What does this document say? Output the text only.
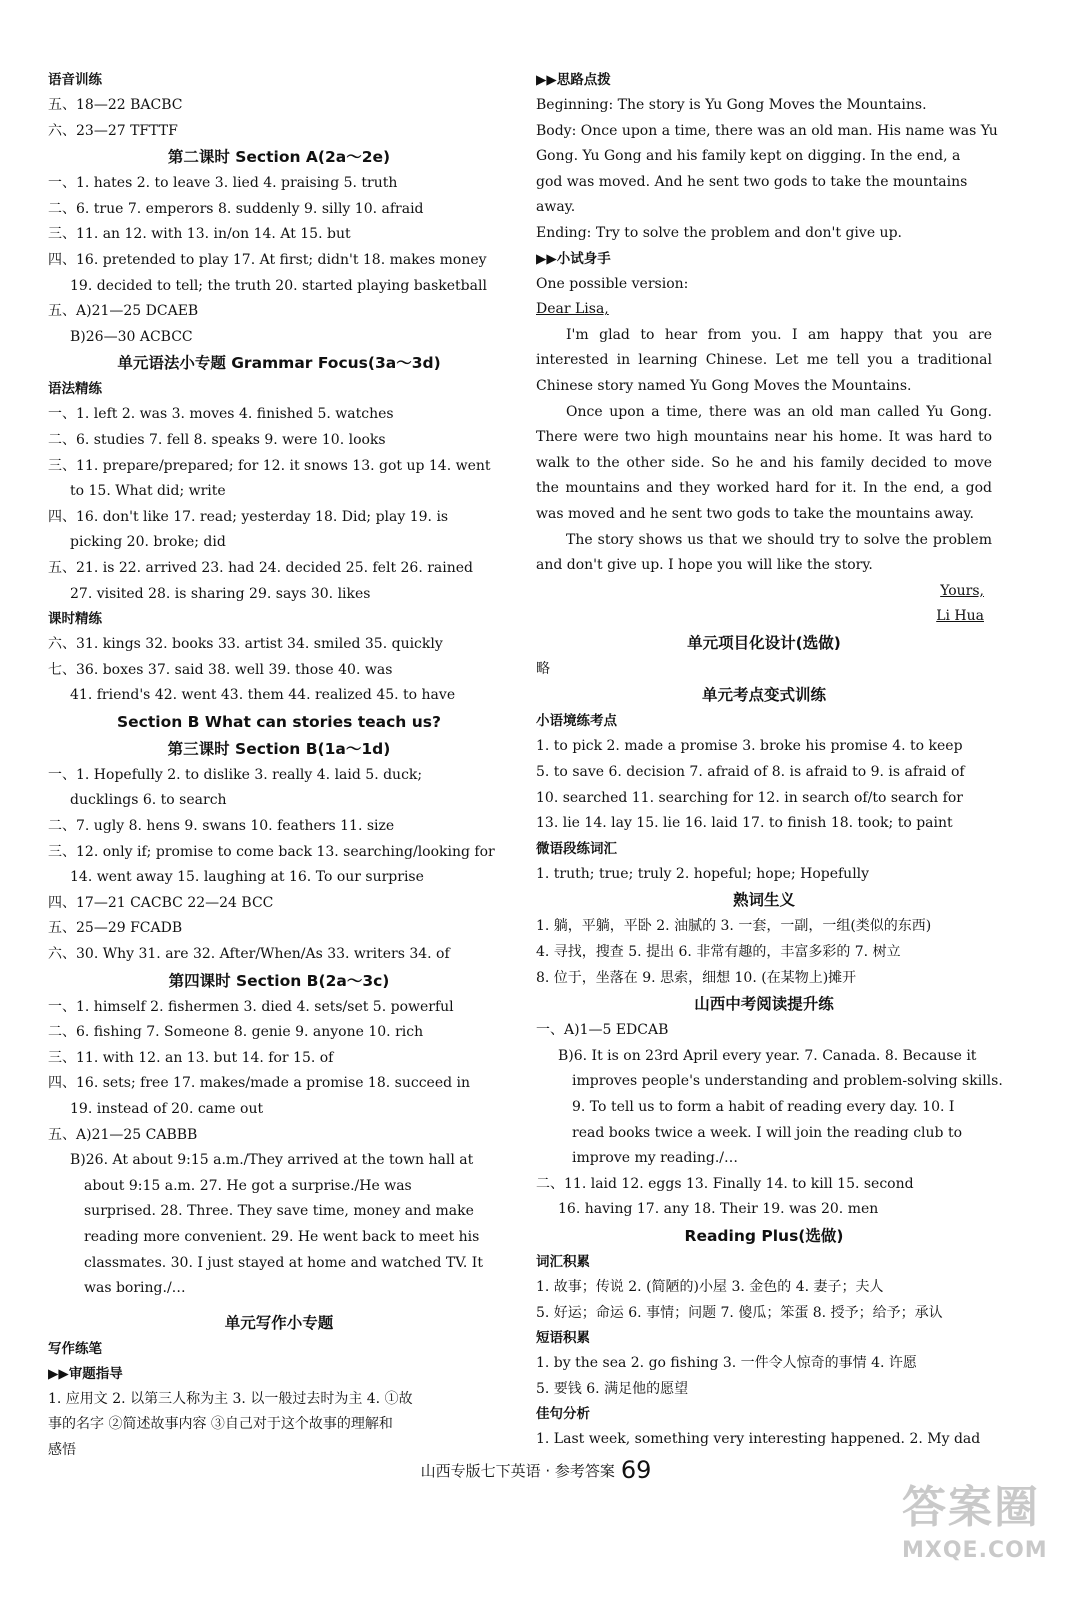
语音训练
五、18—22 BACBC
六、23—27 TFTTF
第二课时 Section A(2a～2e)
一、1. hates 2. to leave 3. lied 4. praising 5. truth
二、6. true 7. emperors 8. suddenly 9. silly 10. afraid
三、11. an 12. with 13. in/on 14. At 15. but
四、16. pretended to play 17. At first; didn't 18. makes money
19. decided to tell; the truth 20. started playing basketball
五、A)21—25 DCAEB
B)26—30 ACBCC
单元语法小专题 Grammar Focus(3a～3d)
语法精练
一、1. left 2. was 3. moves 4. finished 5. watches
二、6. studies 7. fell 8. speaks 9. were 10. looks
三、11. prepare/prepared; for 12. it snows 13. got up 14. went
to 15. What did; write
四、16. don't like 17. read; yesterday 18. Did; play 19. is
picking 20. broke; did
五、21. is 22. arrived 23. had 24. decided 25. felt 26. rained
27. visited 28. is sharing 29. says 30. likes
课时精练
六、31. kings 32. books 33. artist 34. smiled 35. quickly
七、36. boxes 37. said 38. well 39. those 40. was
41. friend's 42. went 43. them 44. realized 45. to have
Section B What can stories teach us?
第三课时 Section B(1a～1d)
一、1. Hopefully 2. to dislike 3. really 4. laid 5. duck;
ducklings 6. to search
二、7. ugly 8. hens 9. swans 10. feathers 11. size
三、12. only if; promise to come back 13. searching/looking for
14. went away 15. laughing at 16. To our surprise
四、17—21 CACBC 22—24 BCC
五、25—29 FCADB
六、30. Why 31. are 32. After/When/As 33. writers 34. of
第四课时 Section B(2a～3c)
一、1. himself 2. fishermen 3. died 4. sets/set 5. powerful
二、6. fishing 7. Someone 8. genie 9. anyone 10. rich
三、11. with 12. an 13. but 14. for 15. of
四、16. sets; free 17. makes/made a promise 18. succeed in
19. instead of 20. came out
五、A)21—25 CABBB
B)26. At about 9:15 a.m./They arrived at the town hall at
about 9:15 a.m. 27. He got a surprise./He was
surprised. 28. Three. They save time, money and make
reading more convenient. 29. He went back to meet his
classmates. 30. I just stayed at home and watched TV. It
was boring./…
单元写作小专题
写作练笔
▶▶审题指导
1. 应用文 2. 以第三人称为主 3. 以一般过去时为主 4. ①故
事的名字 ②简述故事内容 ③自己对于这个故事的理解和
感悟
▶▶思路点拨
Beginning: The story is Yu Gong Moves the Mountains.
Body: Once upon a time, there was an old man. His name was Yu
Gong. Yu Gong and his family kept on digging. In the end, a
god was moved. And he sent two gods to take the mountains
away.
Ending: Try to solve the problem and don't give up.
▶▶小试身手
One possible version:
Dear Lisa,
I'm glad to hear from you. I am happy that you are interested in learning Chinese. Let me tell you a traditional Chinese story named Yu Gong Moves the Mountains.
Once upon a time, there was an old man called Yu Gong. There were two high mountains near his home. It was hard to walk to the other side. So he and his family decided to move the mountains and they worked hard for it. In the end, a god was moved and he sent two gods to take the mountains away.
The story shows us that we should try to solve the problem and don't give up. I hope you will like the story.
Yours,
Li Hua
单元项目化设计(选做)
略
单元考点变式训练
小语境练考点
1. to pick 2. made a promise 3. broke his promise 4. to keep
5. to save 6. decision 7. afraid of 8. is afraid to 9. is afraid of
10. searched 11. searching for 12. in search of/to search for
13. lie 14. lay 15. lie 16. laid 17. to finish 18. took; to paint
微语段练词汇
1. truth; true; truly 2. hopeful; hope; Hopefully
熟词生义
1. 躺，平躺，平卧 2. 油腻的 3. 一套，一副，一组(类似的东西)
4. 寻找，搜查 5. 提出 6. 非常有趣的，丰富多彩的 7. 树立
8. 位于，坐落在 9. 思索，细想 10. (在某物上)摊开
山西中考阅读提升练
一、A)1—5 EDCAB
B)6. It is on 23rd April every year. 7. Canada. 8. Because it
improves people's understanding and problem-solving skills.
9. To tell us to form a habit of reading every day. 10. I
read books twice a week. I will join the reading club to
improve my reading./…
二、11. laid 12. eggs 13. Finally 14. to kill 15. second
16. having 17. any 18. Their 19. was 20. men
Reading Plus(选做)
词汇积累
1. 故事；传说 2. (简陋的)小屋 3. 金色的 4. 妻子；夫人
5. 好运；命运 6. 事情；问题 7. 傻瓜；笨蛋 8. 授予；给予；承认
短语积累
1. by the sea 2. go fishing 3. 一件令人惊奇的事情 4. 许愿
5. 要钱 6. 满足他的愿望
佳句分析
1. Last week, something very interesting happened. 2. My dad
山西专版七下英语 · 参考答案 69
答案圈
MXQE.COM
